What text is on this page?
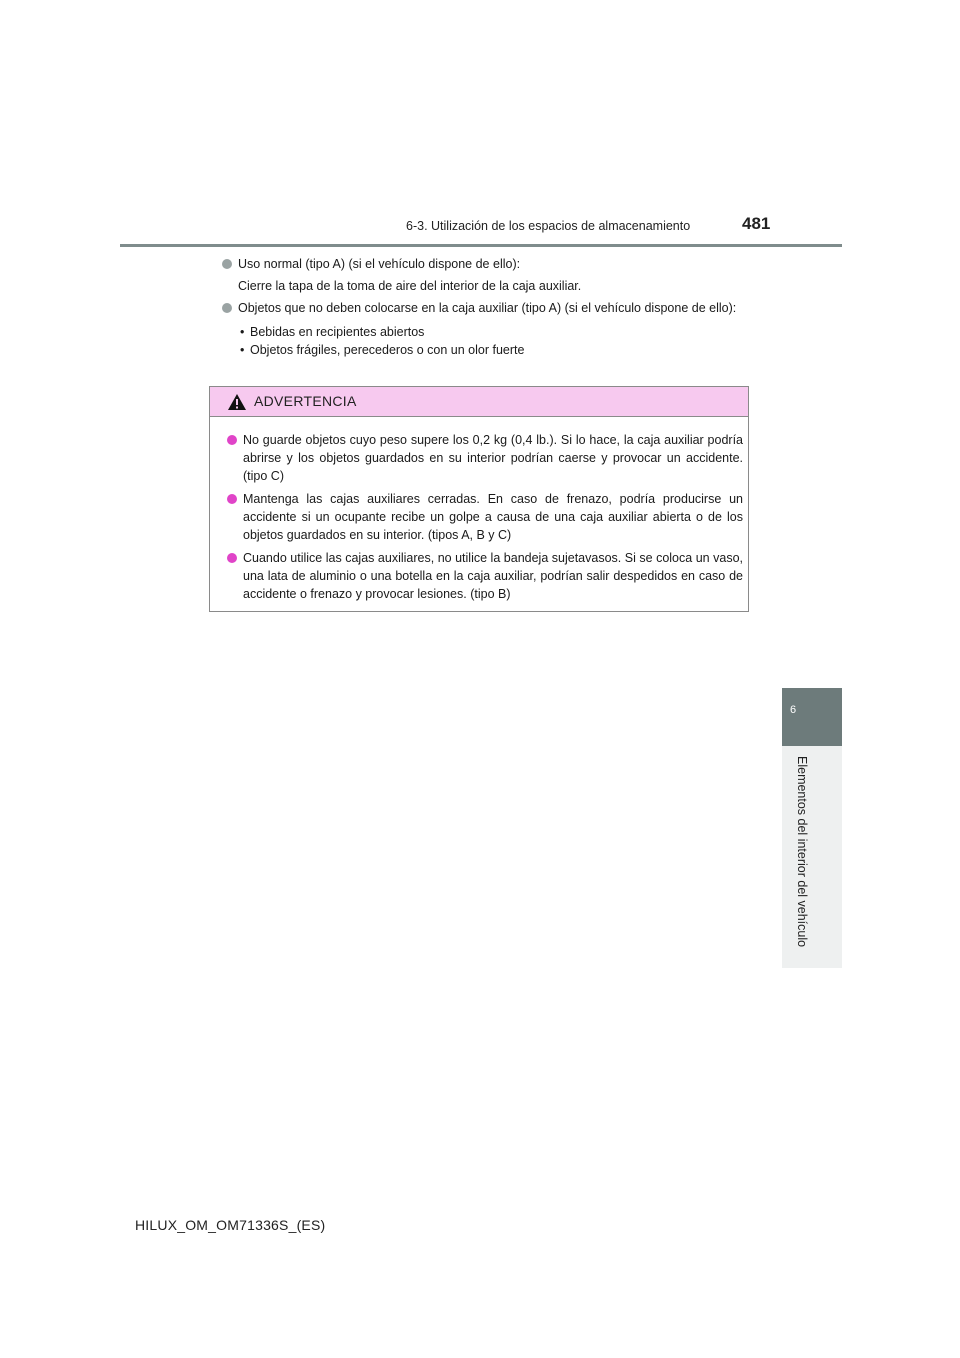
6-3. Utilización de los espacios de almacenamiento	481
Uso normal (tipo A) (si el vehículo dispone de ello):
Cierre la tapa de la toma de aire del interior de la caja auxiliar.
Objetos que no deben colocarse en la caja auxiliar (tipo A) (si el vehículo dispone de ello):
• Bebidas en recipientes abiertos
• Objetos frágiles, perecederos o con un olor fuerte
ADVERTENCIA

No guarde objetos cuyo peso supere los 0,2 kg (0,4 lb.). Si lo hace, la caja auxiliar podría abrirse y los objetos guardados en su interior podrían caerse y provocar un accidente. (tipo C)

Mantenga las cajas auxiliares cerradas. En caso de frenazo, podría producirse un accidente si un ocupante recibe un golpe a causa de una caja auxiliar abierta o de los objetos guardados en su interior. (tipos A, B y C)

Cuando utilice las cajas auxiliares, no utilice la bandeja sujetavasos. Si se coloca un vaso, una lata de aluminio o una botella en la caja auxiliar, podrían salir despedidos en caso de accidente o frenazo y provocar lesiones. (tipo B)

6
Elementos del interior del vehículo
HILUX_OM_OM71336S_(ES)
